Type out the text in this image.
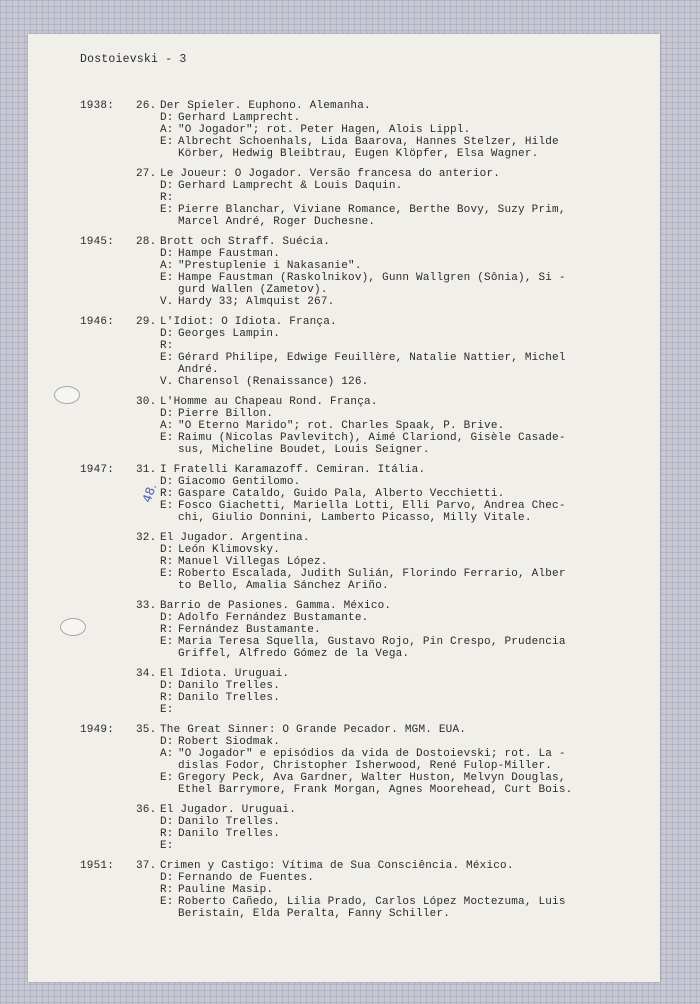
Dostoievski - 3
1938:	26. Der Spieler. Euphono. Alemanha.
D: Gerhard Lamprecht.
A: "O Jogador"; rot. Peter Hagen, Alois Lippl.
E: Albrecht Schoenhals, Lida Baarova, Hannes Stelzer, Hilde
Körber, Hedwig Bleibtrau, Eugen Klöpfer, Elsa Wagner.
27. Le Joueur: O Jogador. Versão francesa do anterior.
D: Gerhard Lamprecht & Louis Daquin.
R:
E: Pierre Blanchar, Viviane Romance, Berthe Bovy, Suzy Prim,
Marcel André, Roger Duchesne.
1945:	28. Brott och Straff. Suécia.
D: Hampe Faustman.
A: "Prestuplenie i Nakasanie".
E: Hampe Faustman (Raskolnikov), Gunn Wallgren (Sônia), Si -
gurd Wallen (Zametov).
V. Hardy 33; Almquist 267.
1946:	29. L'Idiot: O Idiota. França.
D: Georges Lampin.
R:
E: Gérard Philipe, Edwige Feuillère, Natalie Nattier, Michel
André.
V. Charensol (Renaissance) 126.
30. L'Homme au Chapeau Rond. França.
D: Pierre Billon.
A: "O Eterno Marido"; rot. Charles Spaak, P. Brive.
E: Raimu (Nicolas Pavlevitch), Aimé Clariond, Gisèle Casade-
sus, Micheline Boudet, Louis Seigner.
1947:	31. I Fratelli Karamazoff. Cemiran. Itália.
D: Giacomo Gentilomo.
R: Gaspare Cataldo, Guido Pala, Alberto Vecchietti.
E: Fosco Giachetti, Mariella Lotti, Elli Parvo, Andrea Chec-
chi, Giulio Donnini, Lamberto Picasso, Milly Vitale.
32. El Jugador. Argentina.
D: León Klimovsky.
R: Manuel Villegas López.
E: Roberto Escalada, Judith Sulián, Florindo Ferrario, Alber
to Bello, Amalia Sánchez Ariño.
33. Barrio de Pasiones. Gamma. México.
D: Adolfo Fernández Bustamante.
R: Fernández Bustamante.
E: Maria Teresa Squella, Gustavo Rojo, Pin Crespo, Prudencia
Griffel, Alfredo Gómez de la Vega.
34. El Idiota. Uruguai.
D: Danilo Trelles.
R: Danilo Trelles.
E:
1949:	35. The Great Sinner: O Grande Pecador. MGM. EUA.
D: Robert Siodmak.
A: "O Jogador" e episódios da vida de Dostoievski; rot. La -
dislas Fodor, Christopher Isherwood, René Fulop-Miller.
E: Gregory Peck, Ava Gardner, Walter Huston, Melvyn Douglas,
Ethel Barrymore, Frank Morgan, Agnes Moorehead, Curt Bois.
36. El Jugador. Uruguai.
D: Danilo Trelles.
R: Danilo Trelles.
E:
1951:	37. Crimen y Castigo: Vítima de Sua Consciência. México.
D: Fernando de Fuentes.
R: Pauline Masip.
E: Roberto Cañedo, Lilia Prado, Carlos López Moctezuma, Luis
Beristain, Elda Peralta, Fanny Schiller.
48.
